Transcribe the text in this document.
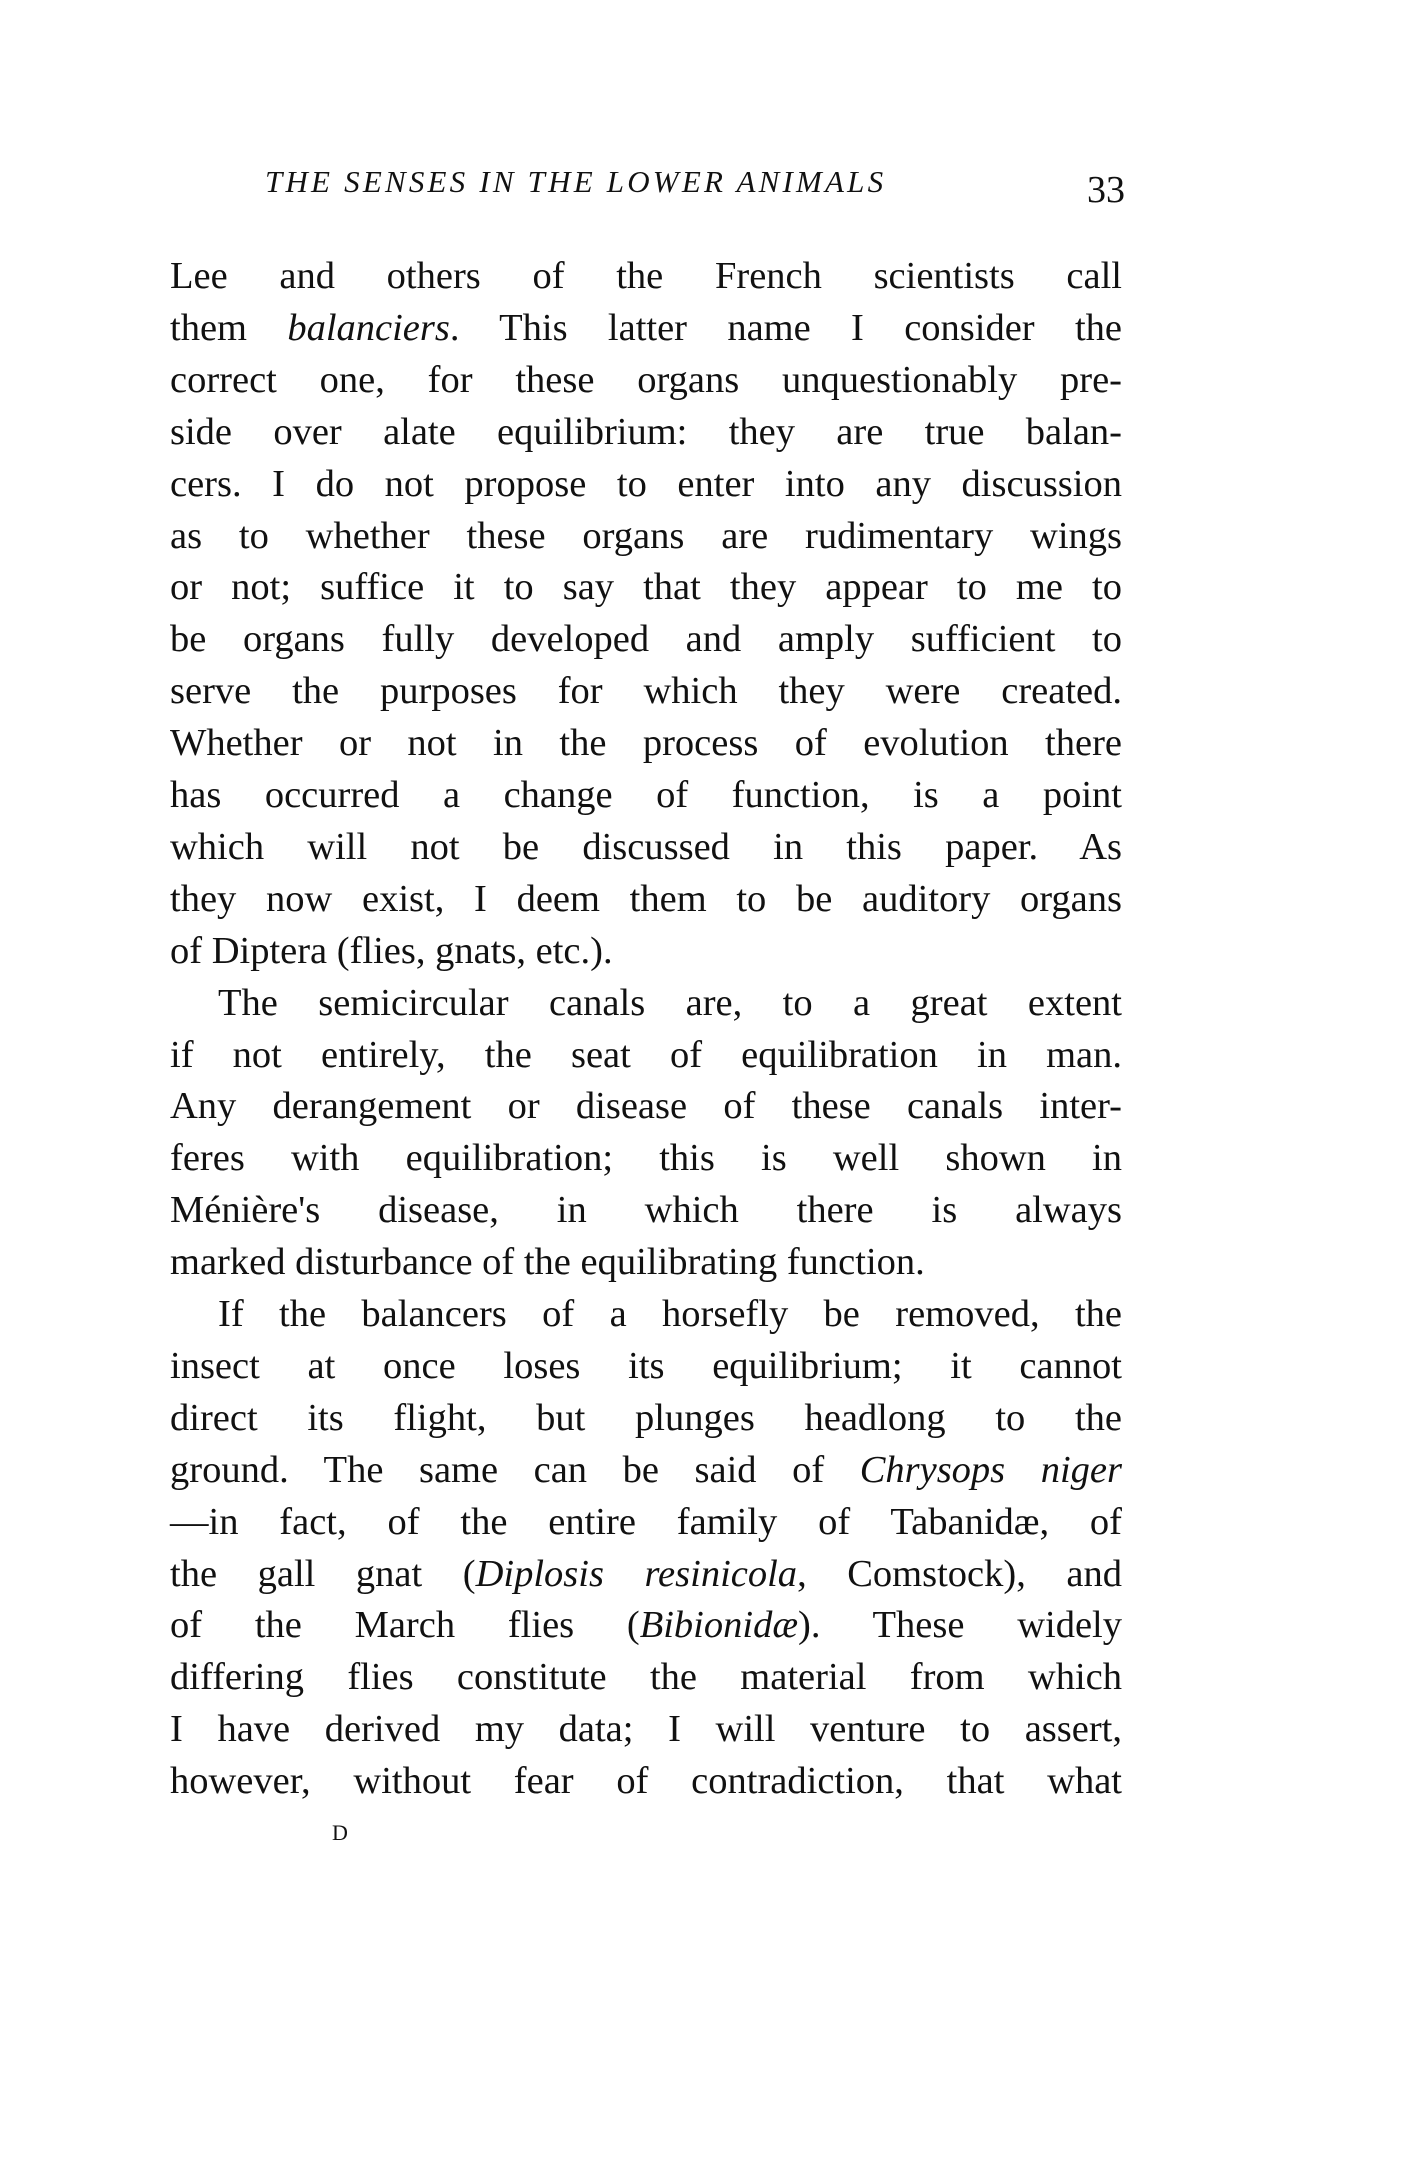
THE SENSES IN THE LOWER ANIMALS	33
Lee and others of the French scientists call
them balanciers. This latter name I consider the
correct one, for these organs unquestionably pre-
side over alate equilibrium: they are true balan-
cers. I do not propose to enter into any discussion
as to whether these organs are rudimentary wings
or not; suffice it to say that they appear to me to
be organs fully developed and amply sufficient to
serve the purposes for which they were created.
Whether or not in the process of evolution there
has occurred a change of function, is a point
which will not be discussed in this paper. As
they now exist, I deem them to be auditory organs
of Diptera (flies, gnats, etc.).
The semicircular canals are, to a great extent
if not entirely, the seat of equilibration in man.
Any derangement or disease of these canals inter-
feres with equilibration; this is well shown in
Ménière's disease, in which there is always
marked disturbance of the equilibrating function.
If the balancers of a horsefly be removed, the
insect at once loses its equilibrium; it cannot
direct its flight, but plunges headlong to the
ground. The same can be said of Chrysops niger
—in fact, of the entire family of Tabanidæ, of
the gall gnat (Diplosis resinicola, Comstock), and
of the March flies (Bibionidæ). These widely
differing flies constitute the material from which
I have derived my data; I will venture to assert,
however, without fear of contradiction, that what
D
